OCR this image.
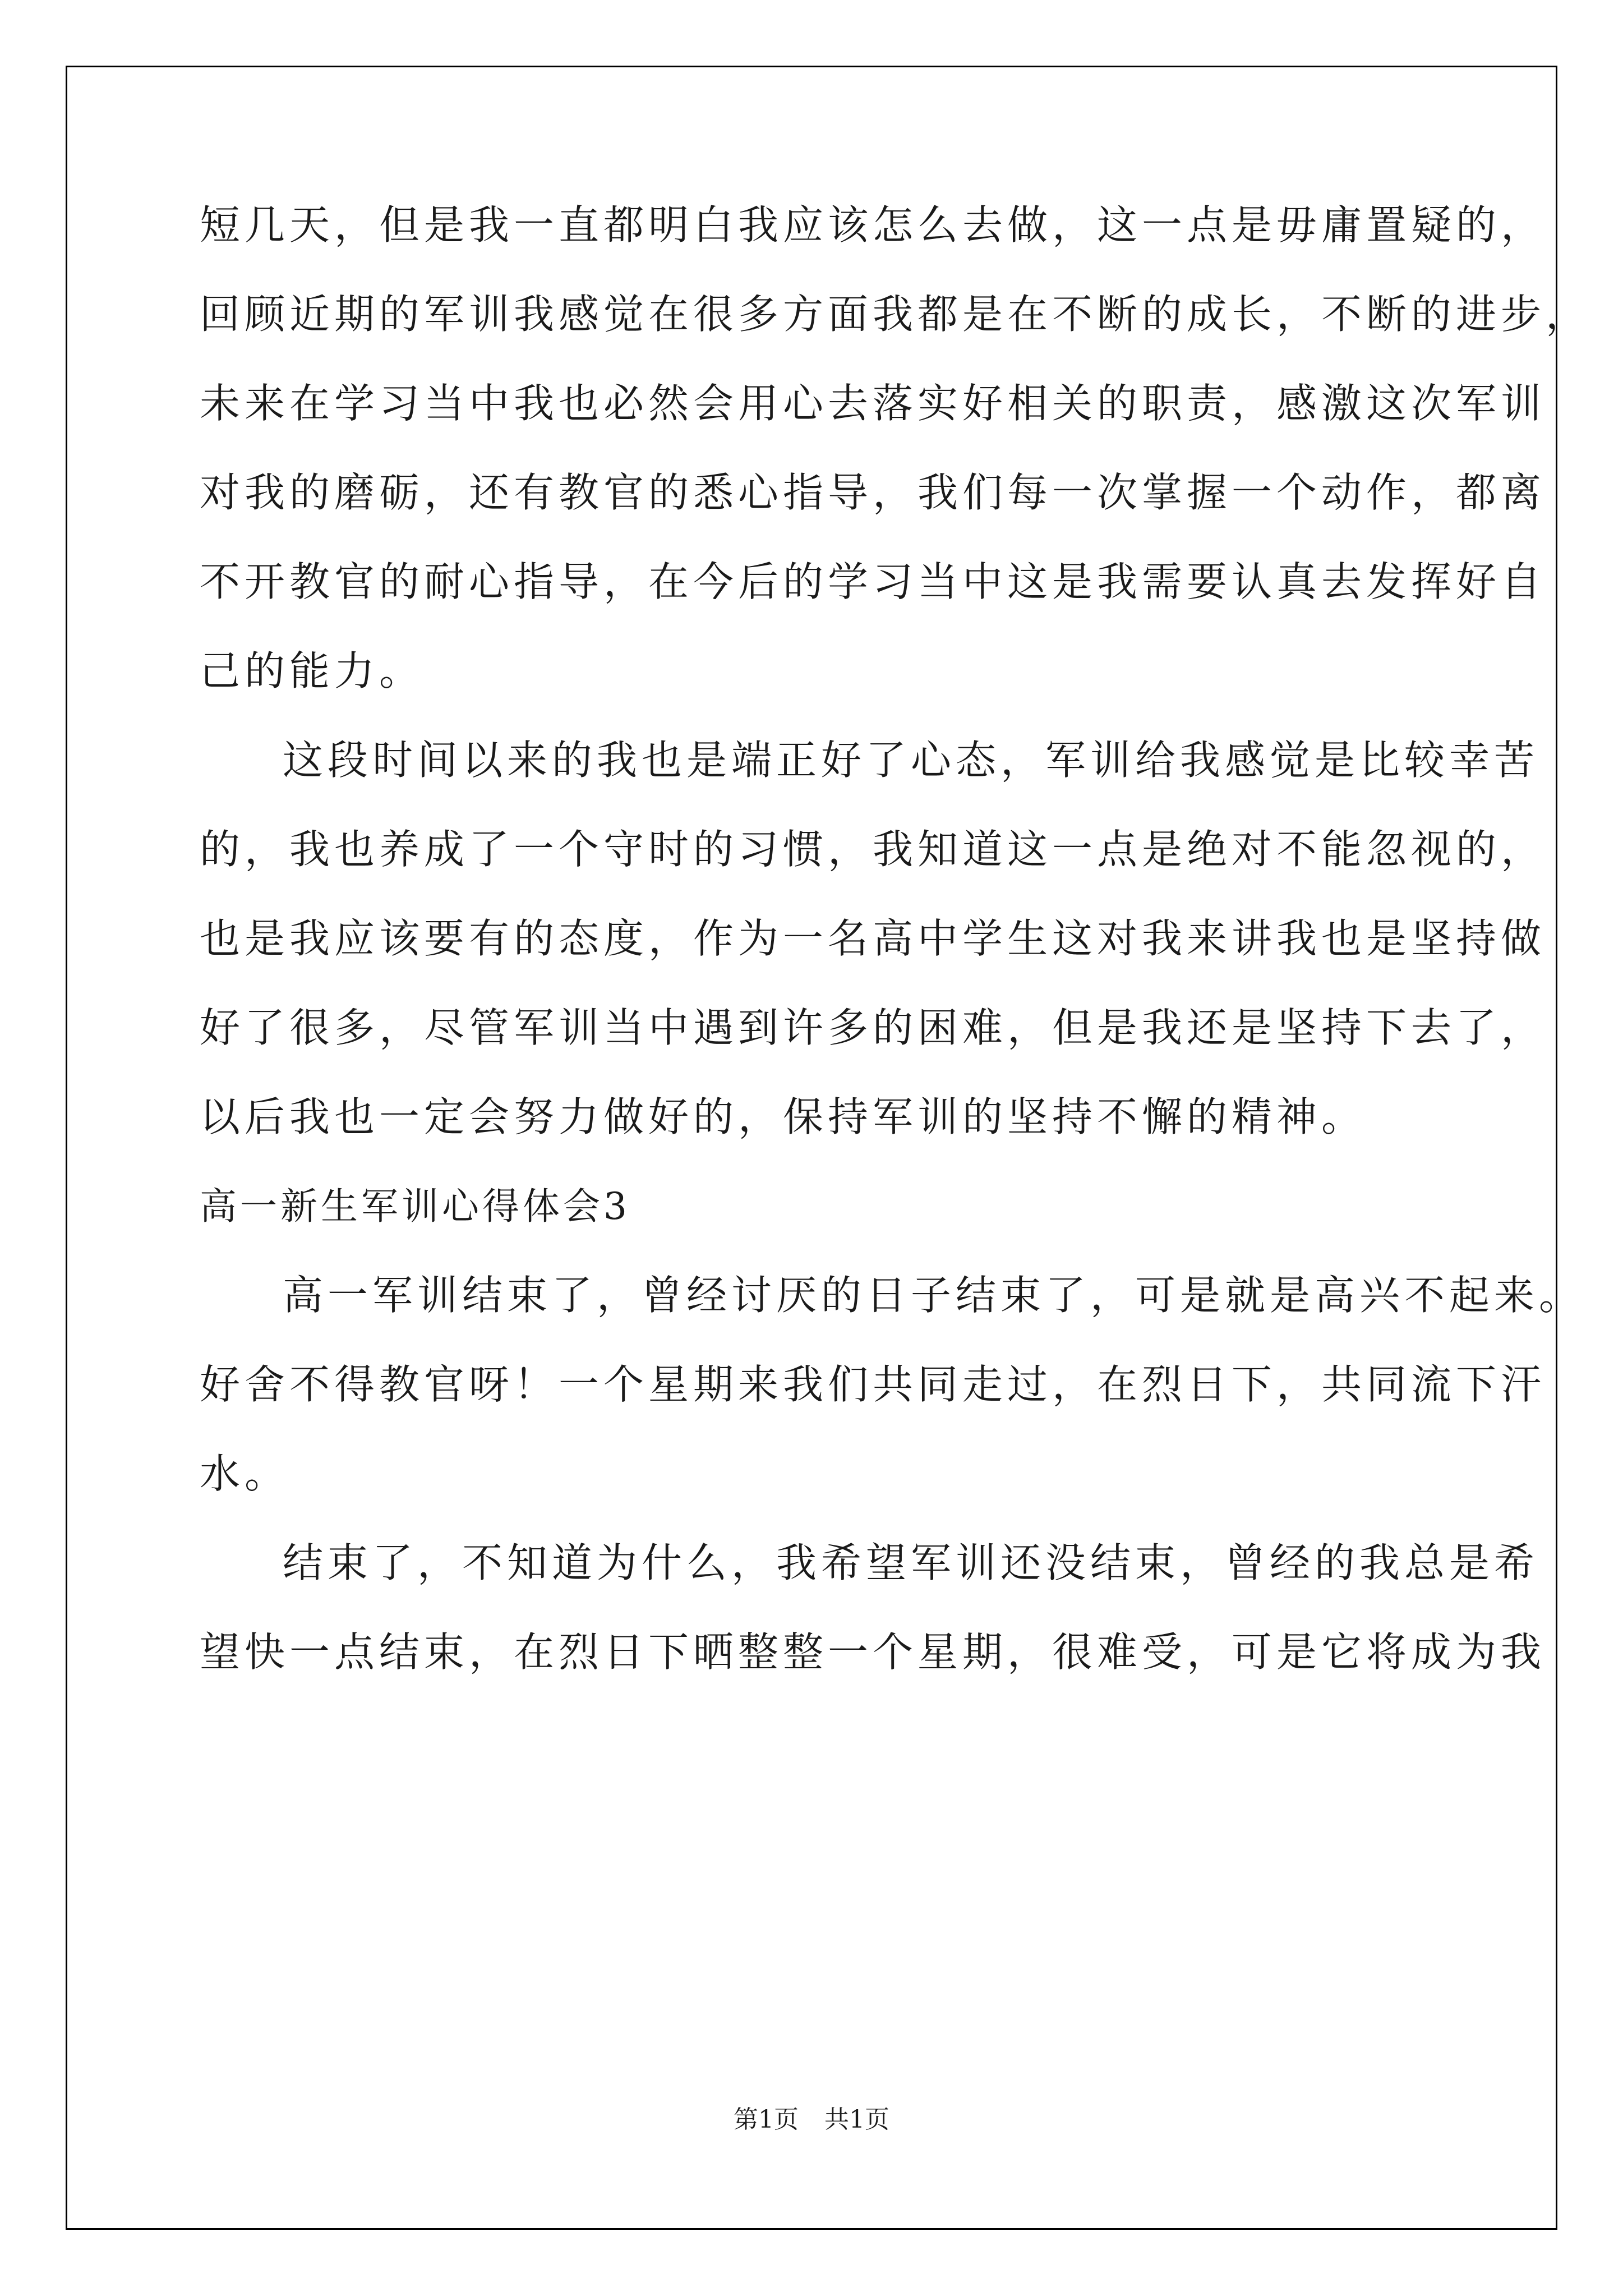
短几天，但是我一直都明白我应该怎么去做，这一点是毋庸置疑的，
回顾近期的军训我感觉在很多方面我都是在不断的成长，不断的进步，
未来在学习当中我也必然会用心去落实好相关的职责，感激这次军训
对我的磨砺，还有教官的悉心指导，我们每一次掌握一个动作，都离
不开教官的耐心指导，在今后的学习当中这是我需要认真去发挥好自
己的能力。
这段时间以来的我也是端正好了心态，军训给我感觉是比较幸苦
的，我也养成了一个守时的习惯，我知道这一点是绝对不能忽视的，
也是我应该要有的态度，作为一名高中学生这对我来讲我也是坚持做
好了很多，尽管军训当中遇到许多的困难，但是我还是坚持下去了，
以后我也一定会努力做好的，保持军训的坚持不懈的精神。
高一新生军训心得体会3
高一军训结束了，曾经讨厌的日子结束了，可是就是高兴不起来。
好舍不得教官呀！一个星期来我们共同走过，在烈日下，共同流下汗
水。
结束了，不知道为什么，我希望军训还没结束，曾经的我总是希
望快一点结束，在烈日下晒整整一个星期，很难受，可是它将成为我
第1页 共1页
